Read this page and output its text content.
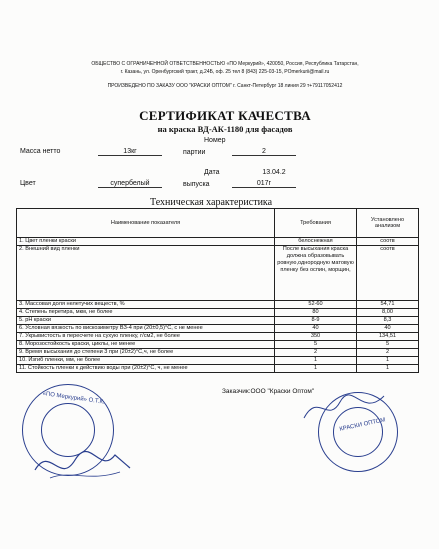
ОБЩЕСТВО С ОГРАНИЧЕННОЙ ОТВЕТСТВЕННОСТЬЮ «ПО Меркурий», 420050, Россия, Республика Татарстан,
г. Казань, ул. Оренбургский тракт, д.24Б, оф. 25 тел 8 (843) 225-03-15, POmerkurii@mail.ru
ПРОИЗВЕДЕНО ПО ЗАКАЗУ ООО "КРАСКИ ОПТОМ" г. Санкт-Петербург 18 линия 29 т+79117052412
СЕРТИФИКАТ КАЧЕСТВА
на краска ВД-АК-1180 для фасадов
Масса нетто	13кг
Номер
партии	2
Цвет	супербелый
Дата	13.04.2
выпуска	017г
Техническая характеристика
Наименование показателя	Требования	Установлено анализом
1. Цвет пленки краски	белоснежная	соотв
2. Внешний вид пленки	После высыхания краска должна образовывать ровную,однородную матовую пленку без оспин, морщин,	соотв
3. Массовая доля нелетучих веществ, %	52-60	54,71
4. Степень перетира, мкм, не более	80	8,00
5. pH краски	8-9	8,3
6. Условная вязкость по вискозиметру ВЗ-4 при (20±0,5)°С, с не менее	40	40
7. Укрывистость в пересчете на сухую пленку, г/см2, не более	350	134,51
8. Морозостойкость краски, циклы, не менее	5	5
9. Время высыхания до степени 3 при (20±2)°С,ч, не более	2	2
10. Изгиб пленки, мм, не более	1	1
11. Стойкость пленки к действию воды при (20±2)°С, ч, не менее	1	1
Заказчик:ООО "Краски Оптом"
«ПО Меркурий» О.Т.К.
КРАСКИ ОПТОМ
